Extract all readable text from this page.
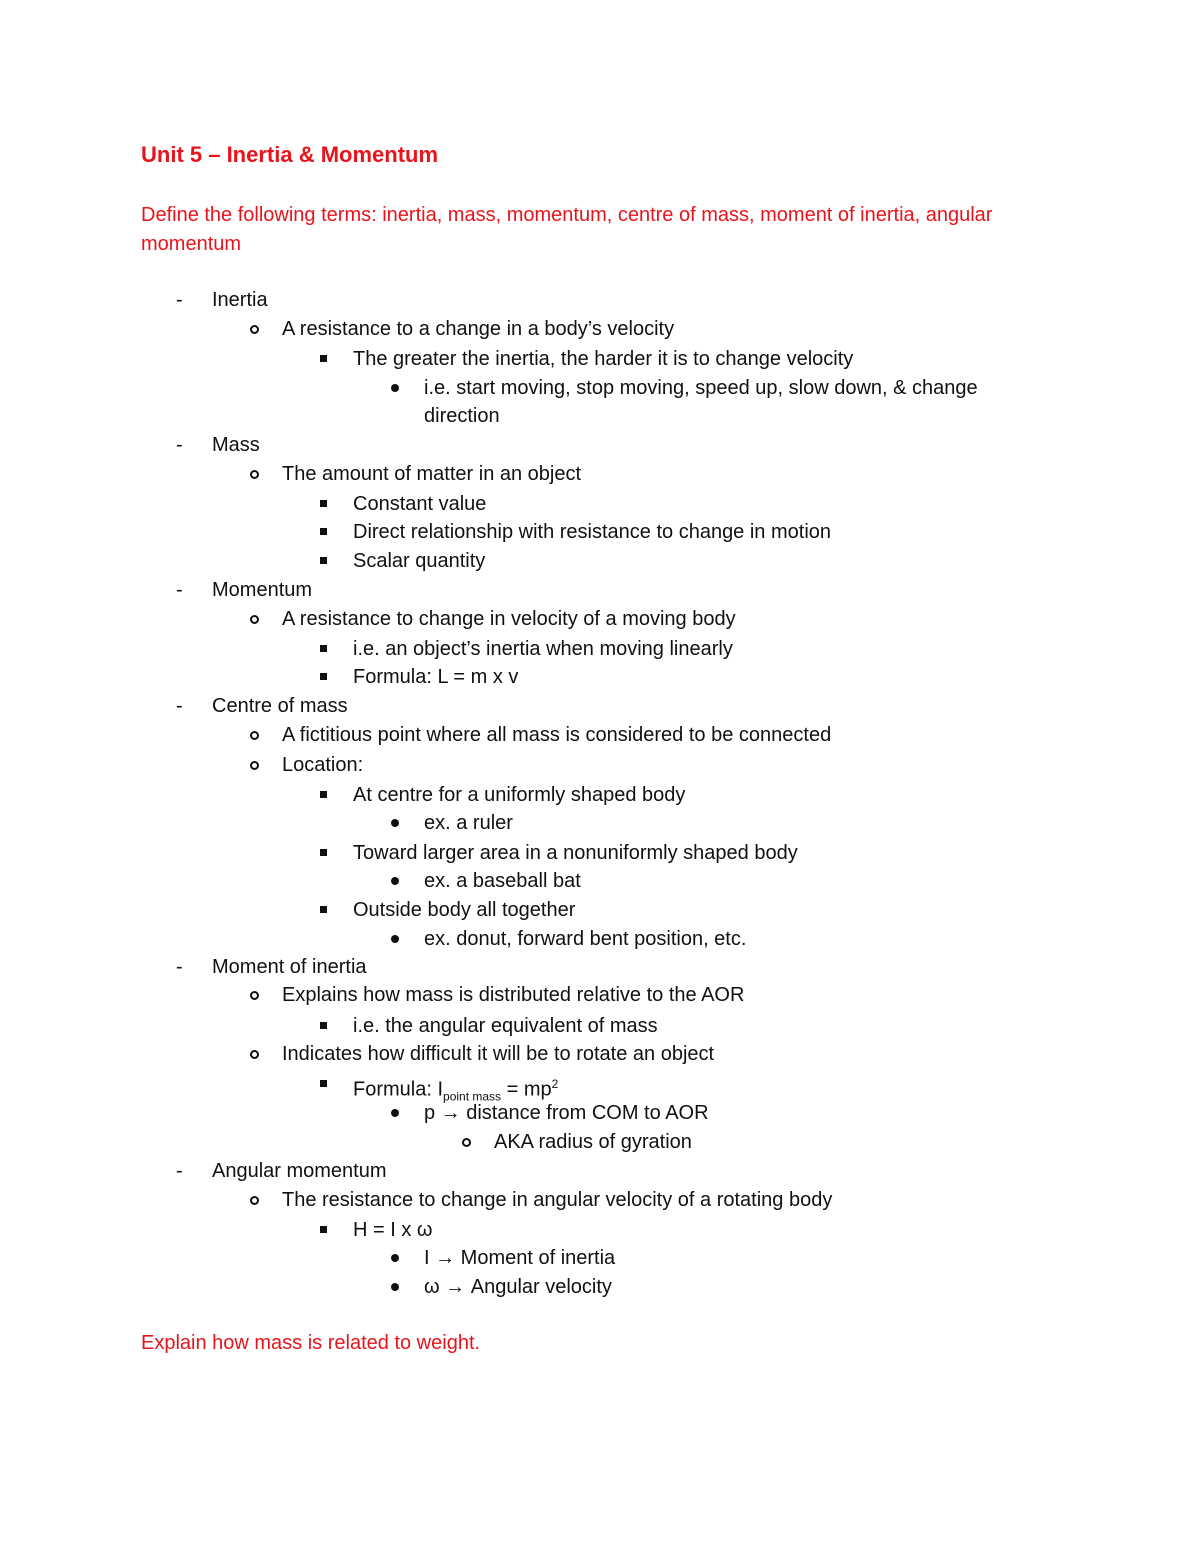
Unit 5 – Inertia & Momentum
Define the following terms: inertia, mass, momentum, centre of mass, moment of inertia, angular momentum
- Inertia
A resistance to a change in a body’s velocity
The greater the inertia, the harder it is to change velocity
i.e. start moving, stop moving, speed up, slow down, & change
direction
- Mass
The amount of matter in an object
Constant value
Direct relationship with resistance to change in motion
Scalar quantity
- Momentum
A resistance to change in velocity of a moving body
i.e. an object’s inertia when moving linearly
Formula: L = m x v
- Centre of mass
A fictitious point where all mass is considered to be connected
Location:
At centre for a uniformly shaped body
ex. a ruler
Toward larger area in a nonuniformly shaped body
ex. a baseball bat
Outside body all together
ex. donut, forward bent position, etc.
- Moment of inertia
Explains how mass is distributed relative to the AOR
i.e. the angular equivalent of mass
Indicates how difficult it will be to rotate an object
Formula: $I_{point mass} = mp^2$
p → distance from COM to AOR
AKA radius of gyration
- Angular momentum
The resistance to change in angular velocity of a rotating body
H = I x ω
I → Moment of inertia
ω → Angular velocity
Explain how mass is related to weight.
